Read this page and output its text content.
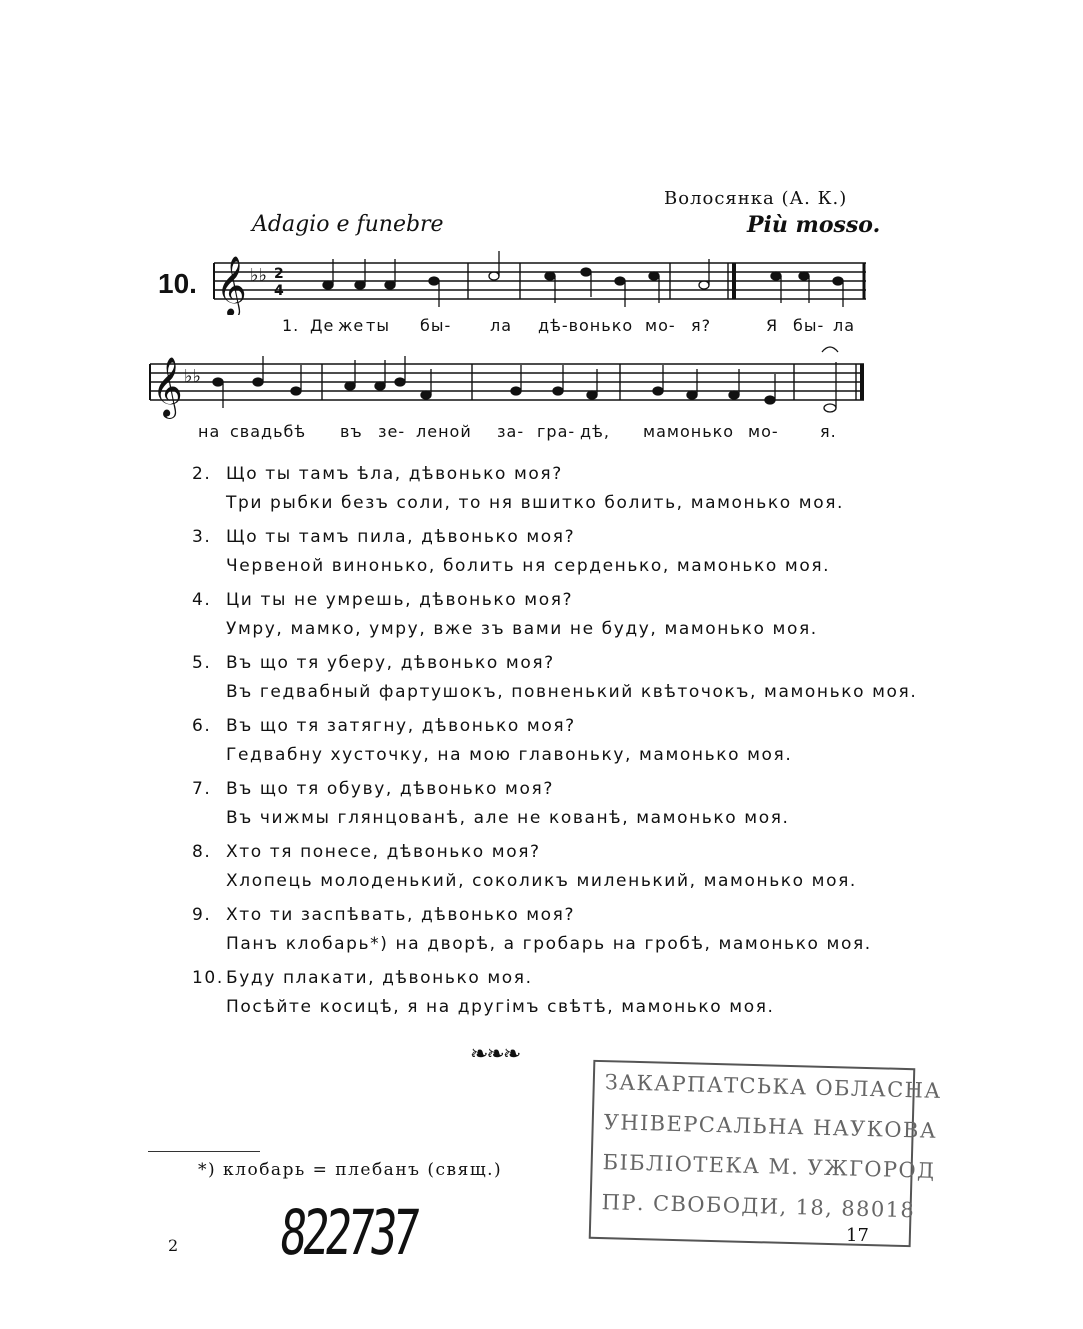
Волосянка (А. К.)
Adagio e funebre	Più mosso.
10. 𝄞 ♭♭ 2
4
1. Де же ты бы- ла дѣ-вонько мо- я?	Я бы- ла
𝄞 ♭♭
на свадьбѣ въ зе- леной за- гра- дѣ, мамонько мо-	я.
2. Що ты тамъ ѣла, дѣвонько моя?
Три рыбки безъ соли, то ня вшитко болить, мамонько моя.
3. Що ты тамъ пила, дѣвонько моя?
Червеной винонько, болить ня серденько, мамонько моя.
4. Ци ты не умрешь, дѣвонько моя?
Умру, мамко, умру, вже зъ вами не буду, мамонько моя.
5. Въ що тя уберу, дѣвонько моя?
Въ гедвабный фартушокъ, повненький квѣточокъ, мамонько моя.
6. Въ що тя затягну, дѣвонько моя?
Гедвабну хусточку, на мою главоньку, мамонько моя.
7. Въ що тя обуву, дѣвонько моя?
Въ чижмы глянцованѣ, але не кованѣ, мамонько моя.
8. Хто тя понесе, дѣвонько моя?
Хлопець молоденький, соколикъ миленький, мамонько моя.
9. Хто ти заспѣвать, дѣвонько моя?
Панъ клобарь*) на дворѣ, а гробарь на гробѣ, мамонько моя.
10. Буду плакати, дѣвонько моя.
Посѣйте косицѣ, я на другімъ свѣтѣ, мамонько моя.
❧❧❧
*) клобарь = плебанъ (свящ.)
2 822737
ЗАКАРПАТСЬКА ОБЛАСНА
УНІВЕРСАЛЬНА НАУКОВА
БІБЛІОТЕКА М. УЖГОРОД
ПР. СВОБОДИ, 18, 88018
17
